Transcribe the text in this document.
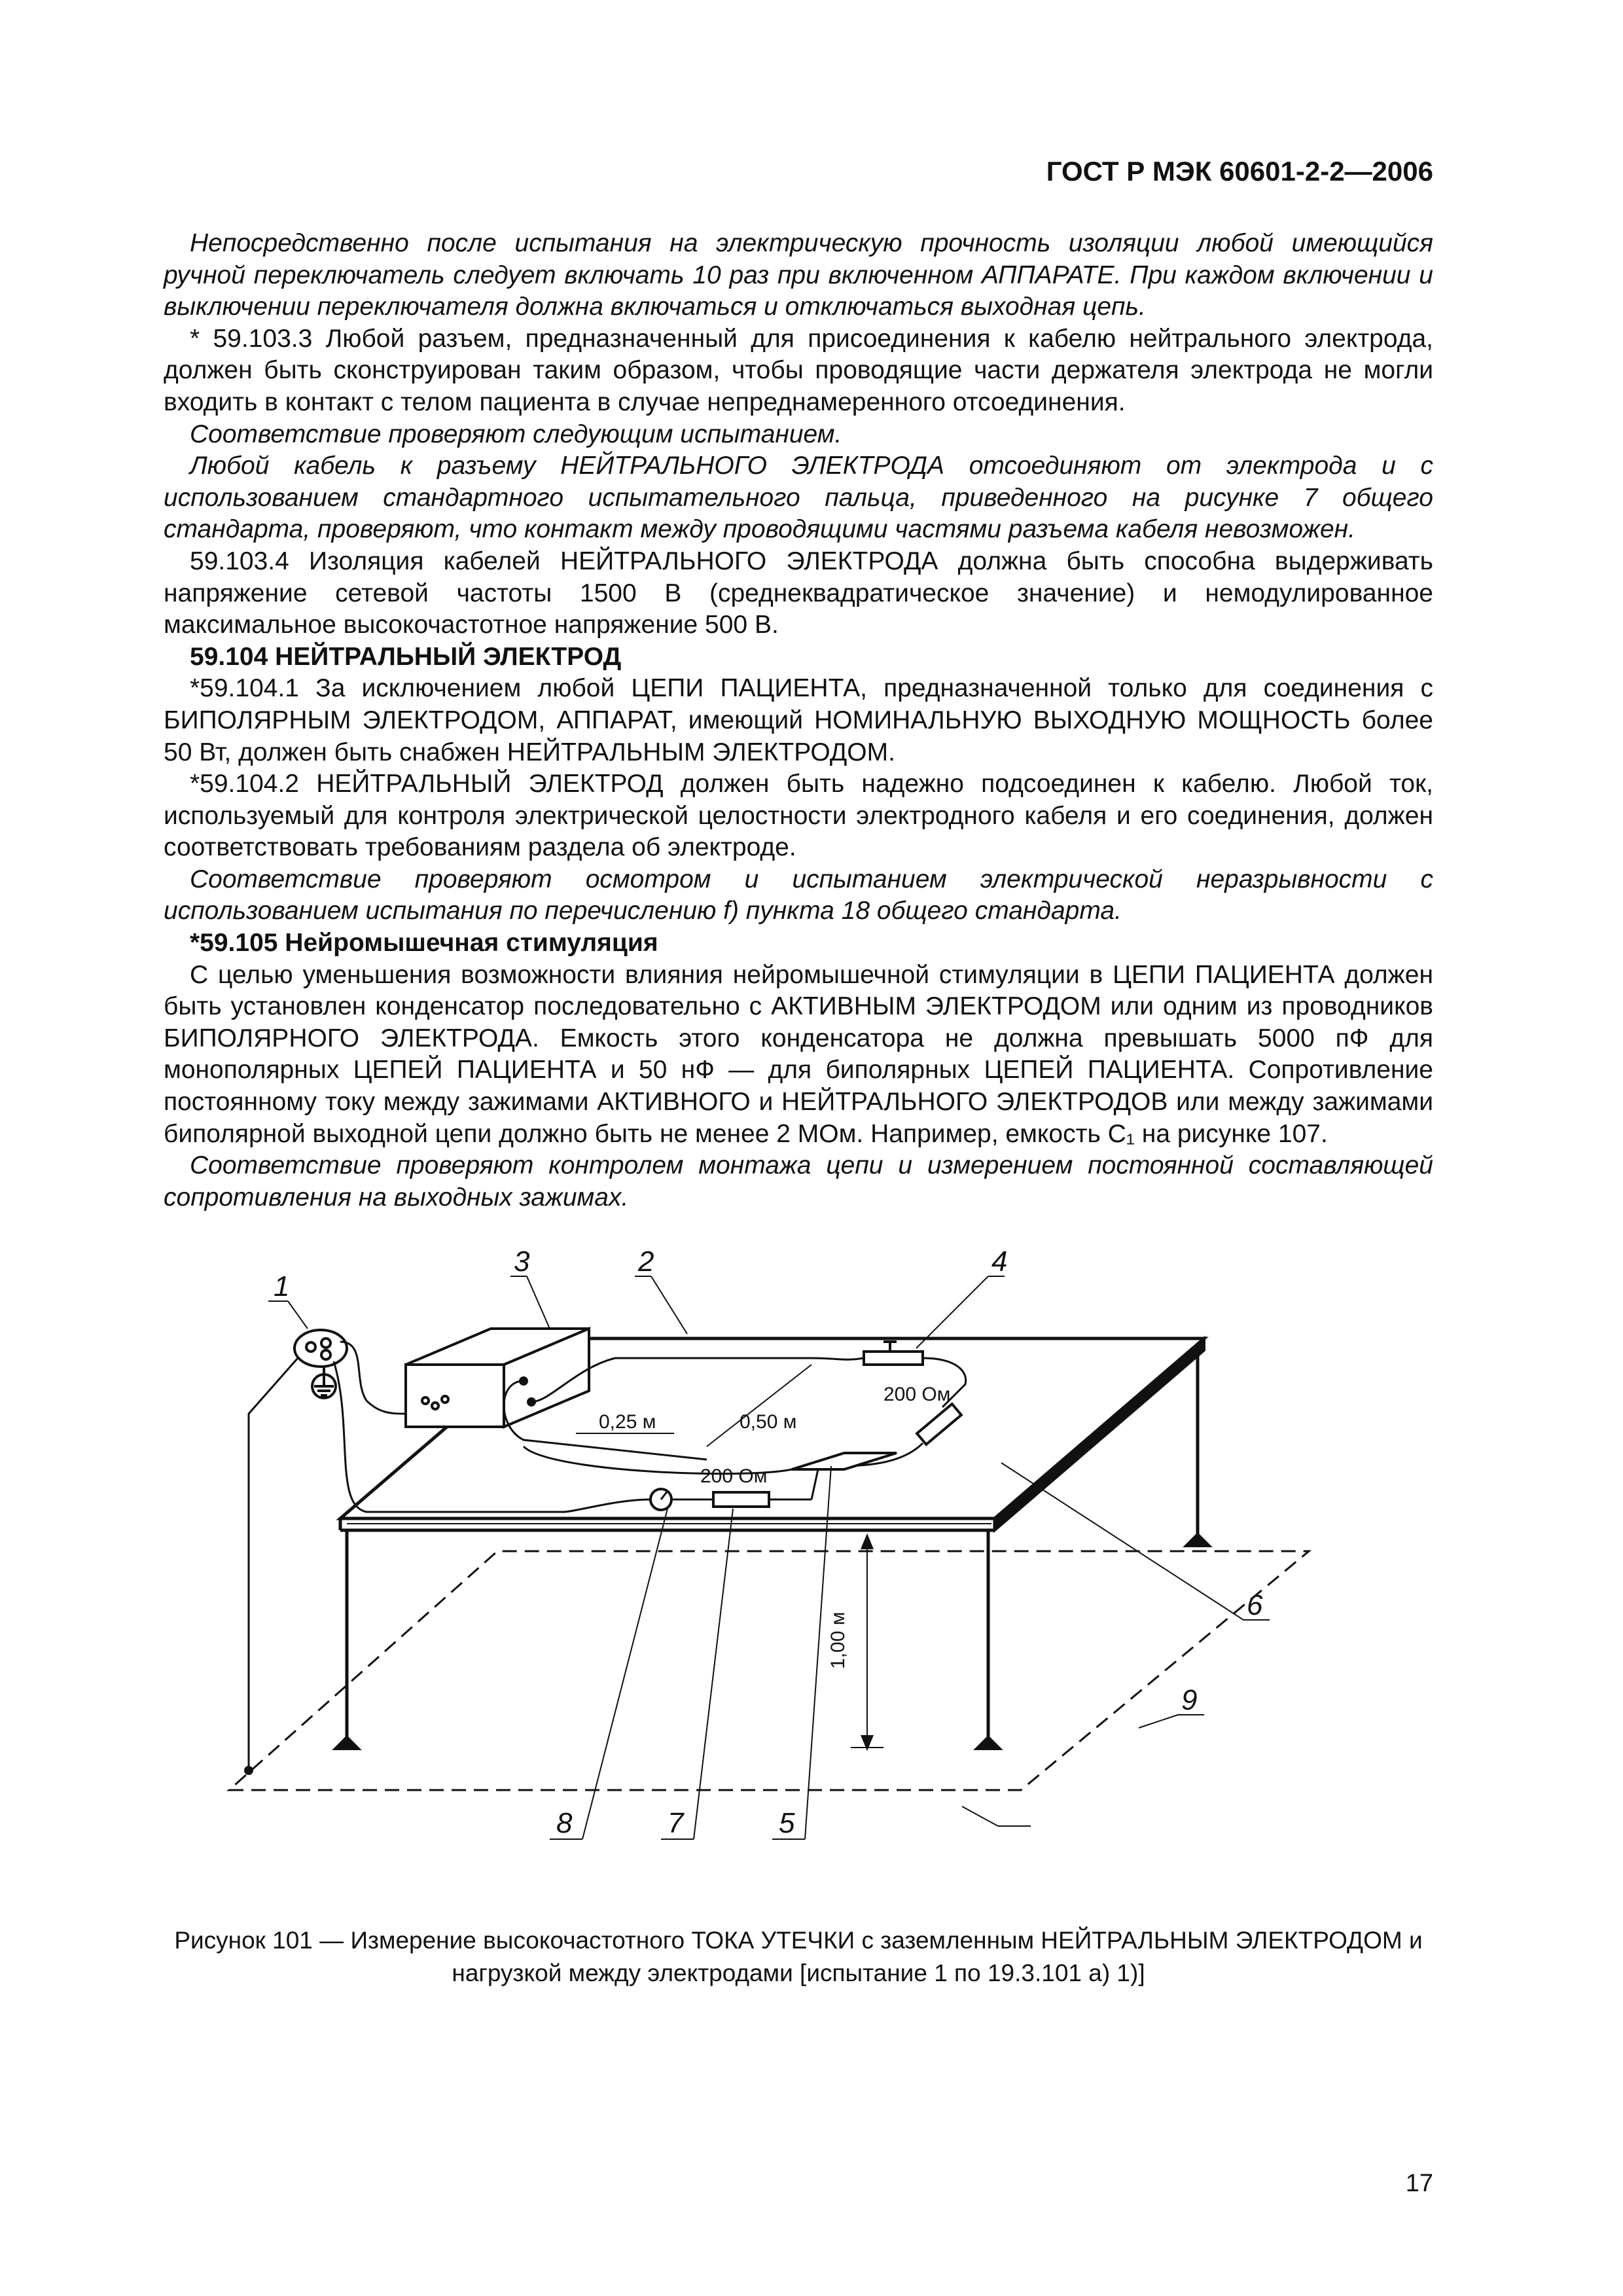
ГОСТ Р МЭК 60601-2-2—2006

Непосредственно после испытания на электрическую прочность изоляции любой имеющийся ручной переключатель следует включать 10 раз при включенном АППАРАТЕ. При каждом включении и выключении переключателя должна включаться и отключаться выходная цепь.

* 59.103.3 Любой разъем, предназначенный для присоединения к кабелю нейтрального электрода, должен быть сконструирован таким образом, чтобы проводящие части держателя электрода не могли входить в контакт с телом пациента в случае непреднамеренного отсоединения.

Соответствие проверяют следующим испытанием.

Любой кабель к разъему НЕЙТРАЛЬНОГО ЭЛЕКТРОДА отсоединяют от электрода и с использованием стандартного испытательного пальца, приведенного на рисунке 7 общего стандарта, проверяют, что контакт между проводящими частями разъема кабеля невозможен.

59.103.4 Изоляция кабелей НЕЙТРАЛЬНОГО ЭЛЕКТРОДА должна быть способна выдерживать напряжение сетевой частоты 1500 В (среднеквадратическое значение) и немодулированное максимальное высокочастотное напряжение 500 В.

59.104 НЕЙТРАЛЬНЫЙ ЭЛЕКТРОД

*59.104.1 За исключением любой ЦЕПИ ПАЦИЕНТА, предназначенной только для соединения с БИПОЛЯРНЫМ ЭЛЕКТРОДОМ, АППАРАТ, имеющий НОМИНАЛЬНУЮ ВЫХОДНУЮ МОЩНОСТЬ более 50 Вт, должен быть снабжен НЕЙТРАЛЬНЫМ ЭЛЕКТРОДОМ.

*59.104.2 НЕЙТРАЛЬНЫЙ ЭЛЕКТРОД должен быть надежно подсоединен к кабелю. Любой ток, используемый для контроля электрической целостности электродного кабеля и его соединения, должен соответствовать требованиям раздела об электроде.

Соответствие проверяют осмотром и испытанием электрической неразрывности с использованием испытания по перечислению f) пункта 18 общего стандарта.

*59.105 Нейромышечная стимуляция

С целью уменьшения возможности влияния нейромышечной стимуляции в ЦЕПИ ПАЦИЕНТА должен быть установлен конденсатор последовательно с АКТИВНЫМ ЭЛЕКТРОДОМ или одним из проводников БИПОЛЯРНОГО ЭЛЕКТРОДА. Емкость этого конденсатора не должна превышать 5000 пФ для монополярных ЦЕПЕЙ ПАЦИЕНТА и 50 нФ — для биполярных ЦЕПЕЙ ПАЦИЕНТА. Сопротивление постоянному току между зажимами АКТИВНОГО и НЕЙТРАЛЬНОГО ЭЛЕКТРОДОВ или между зажимами биполярной выходной цепи должно быть не менее 2 МОм. Например, емкость С₁ на рисунке 107.

Соответствие проверяют контролем монтажа цепи и измерением постоянной составляющей сопротивления на выходных зажимах.

1
2
3	4
5
6
7
8
9
0,25 м	0,50 м
200 Ом
200 Ом
1,00 м
Рисунок 101 — Измерение высокочастотного ТОКА УТЕЧКИ с заземленным НЕЙТРАЛЬНЫМ ЭЛЕКТРОДОМ и
нагрузкой между электродами [испытание 1 по 19.3.101 а) 1)]
17
